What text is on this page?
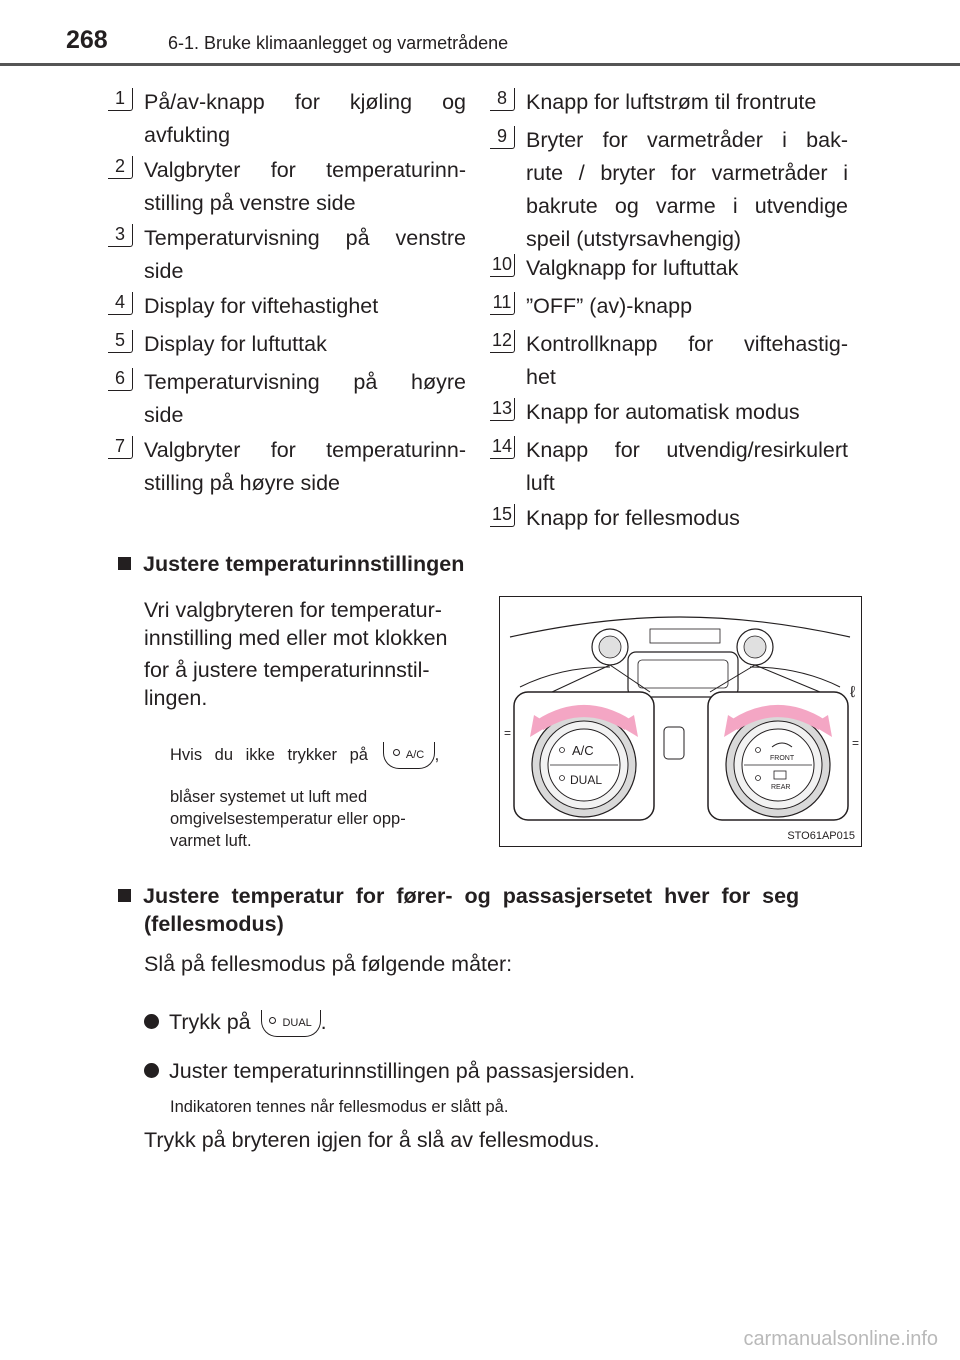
268	6-1. Bruke klimaanlegget og varmetrådene
1 På/av-knapp for kjøling og
avfukting
2 Valgbryter for temperaturinn-
stilling på venstre side
3 Temperaturvisning på venstre
side
4 Display for viftehastighet
5 Display for luftuttak
6 Temperaturvisning på høyre
side
7 Valgbryter for temperaturinn-
stilling på høyre side
8 Knapp for luftstrøm til frontrute
9 Bryter for varmetråder i bak-
rute / bryter for varmetråder i
bakrute og varme i utvendige
speil (utstyrsavhengig)
10 Valgknapp for luftuttak
11 ”OFF” (av)-knapp
12 Kontrollknapp for viftehastig-
het
13 Knapp for automatisk modus
14 Knapp for utvendig/resirkulert
luft
15 Knapp for fellesmodus
Justere temperaturinnstillingen
Vri valgbryteren for temperatur-
innstilling med eller mot klokken
for å justere temperaturinnstil-
lingen.
Hvis du ikke trykker på	A/C ,
blåser systemet ut luft med
omgivelsestemperatur eller opp-
varmet luft.
A/C
DUAL
FRONT
REAR
=
=
ℓ
STO61AP015
Justere temperatur for fører- og passasjersetet hver for seg
(fellesmodus)
Slå på fellesmodus på følgende måter:
Trykk på	DUAL .
Juster temperaturinnstillingen på passasjersiden.
Indikatoren tennes når fellesmodus er slått på.
Trykk på bryteren igjen for å slå av fellesmodus.
carmanualsonline.info
